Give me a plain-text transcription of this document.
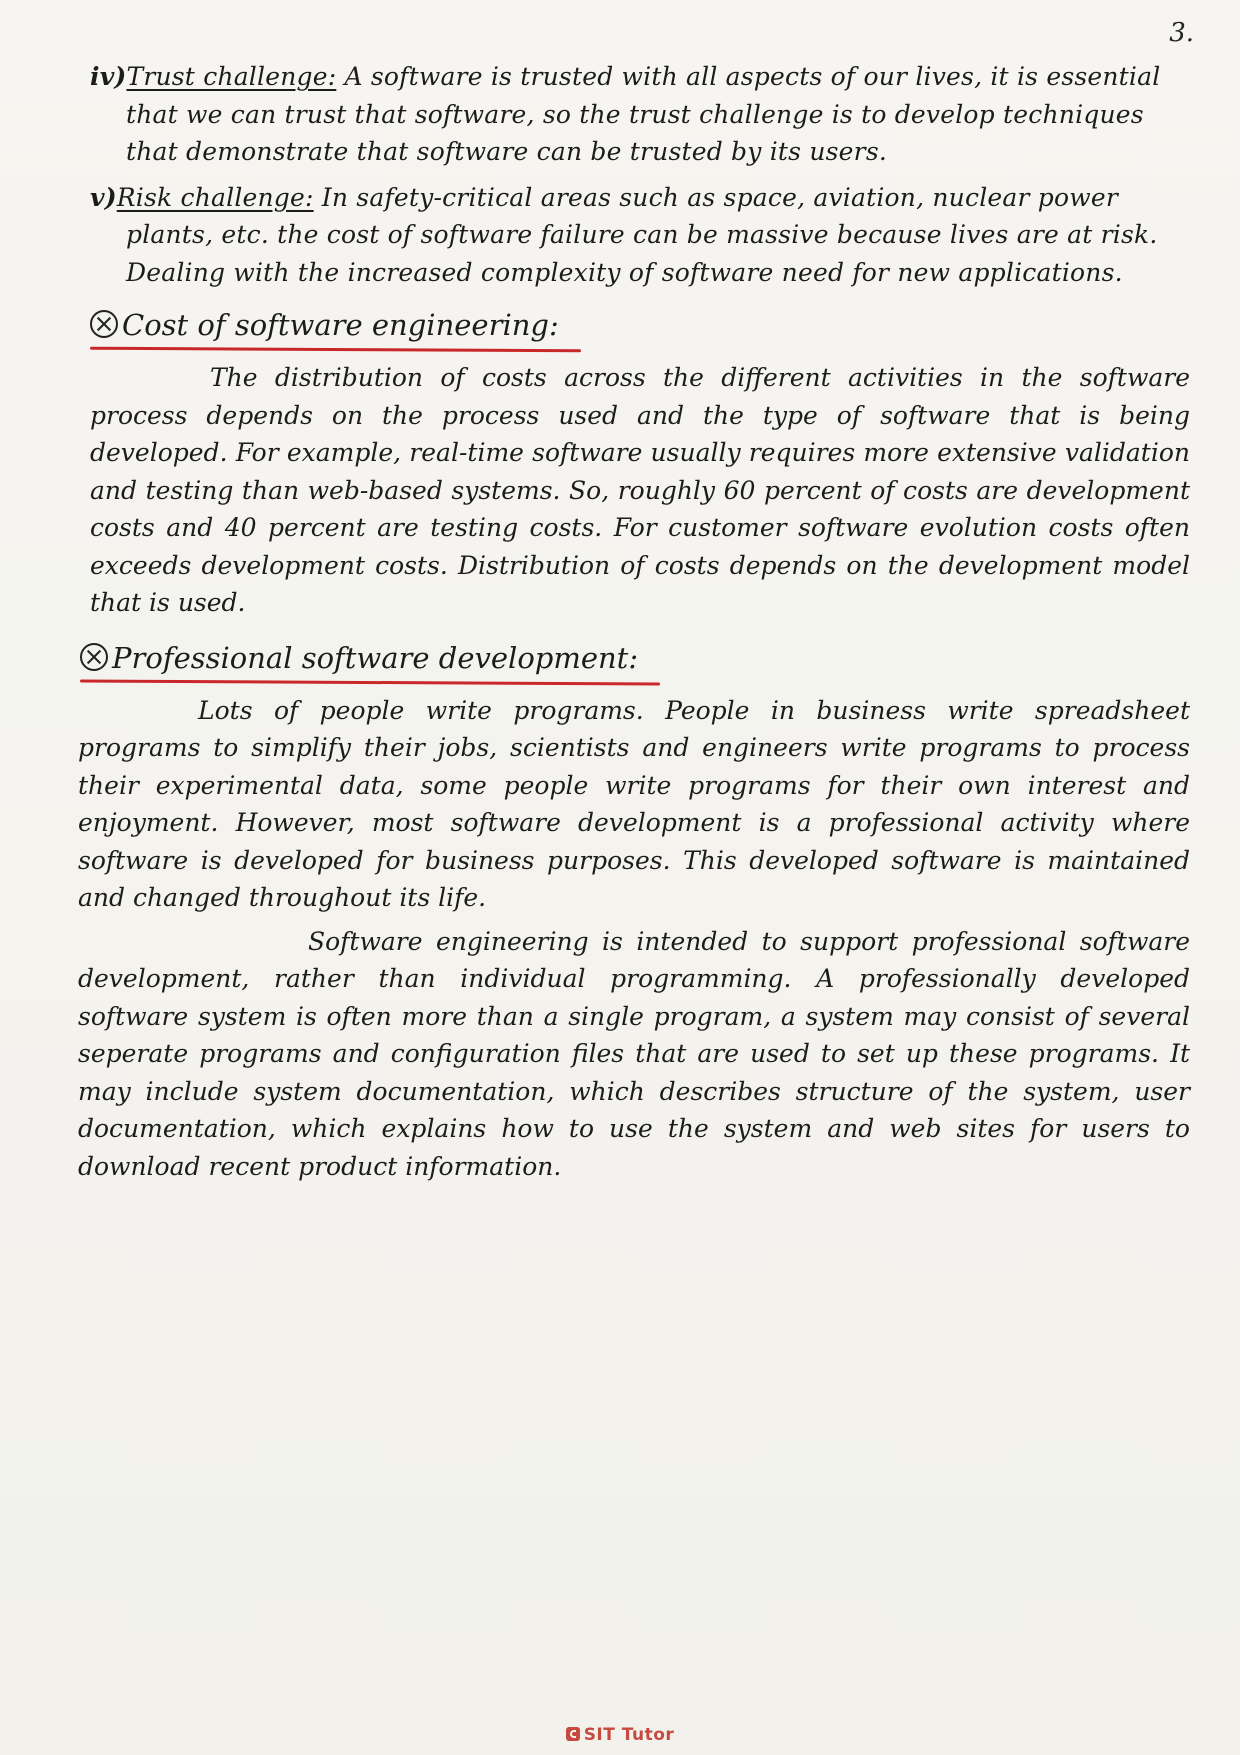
3.

iv)Trust challenge: A software is trusted with all aspects of our lives, it is essential that we can trust that software, so the trust challenge is to develop techniques that demonstrate that software can be trusted by its users.

v)Risk challenge: In safety-critical areas such as space, aviation, nuclear power plants, etc. the cost of software failure can be massive because lives are at risk. Dealing with the increased complexity of software need for new applications.

Cost of software engineering:

The distribution of costs across the different activities in the software process depends on the process used and the type of software that is being developed. For example, real-time software usually requires more extensive validation and testing than web-based systems. So, roughly 60 percent of costs are development costs and 40 percent are testing costs. For customer software evolution costs often exceeds development costs. Distribution of costs depends on the development model that is used.

Professional software development:

Lots of people write programs. People in business write spreadsheet programs to simplify their jobs, scientists and engineers write programs to process their experimental data, some people write programs for their own interest and enjoyment. However, most software development is a professional activity where software is developed for business purposes. This developed software is maintained and changed throughout its life.

Software engineering is intended to support professional software development, rather than individual programming. A professionally developed software system is often more than a single program, a system may consist of several seperate programs and configuration files that are used to set up these programs. It may include system documentation, which describes structure of the system, user documentation, which explains how to use the system and web sites for users to download recent product information.

SIT Tutor
